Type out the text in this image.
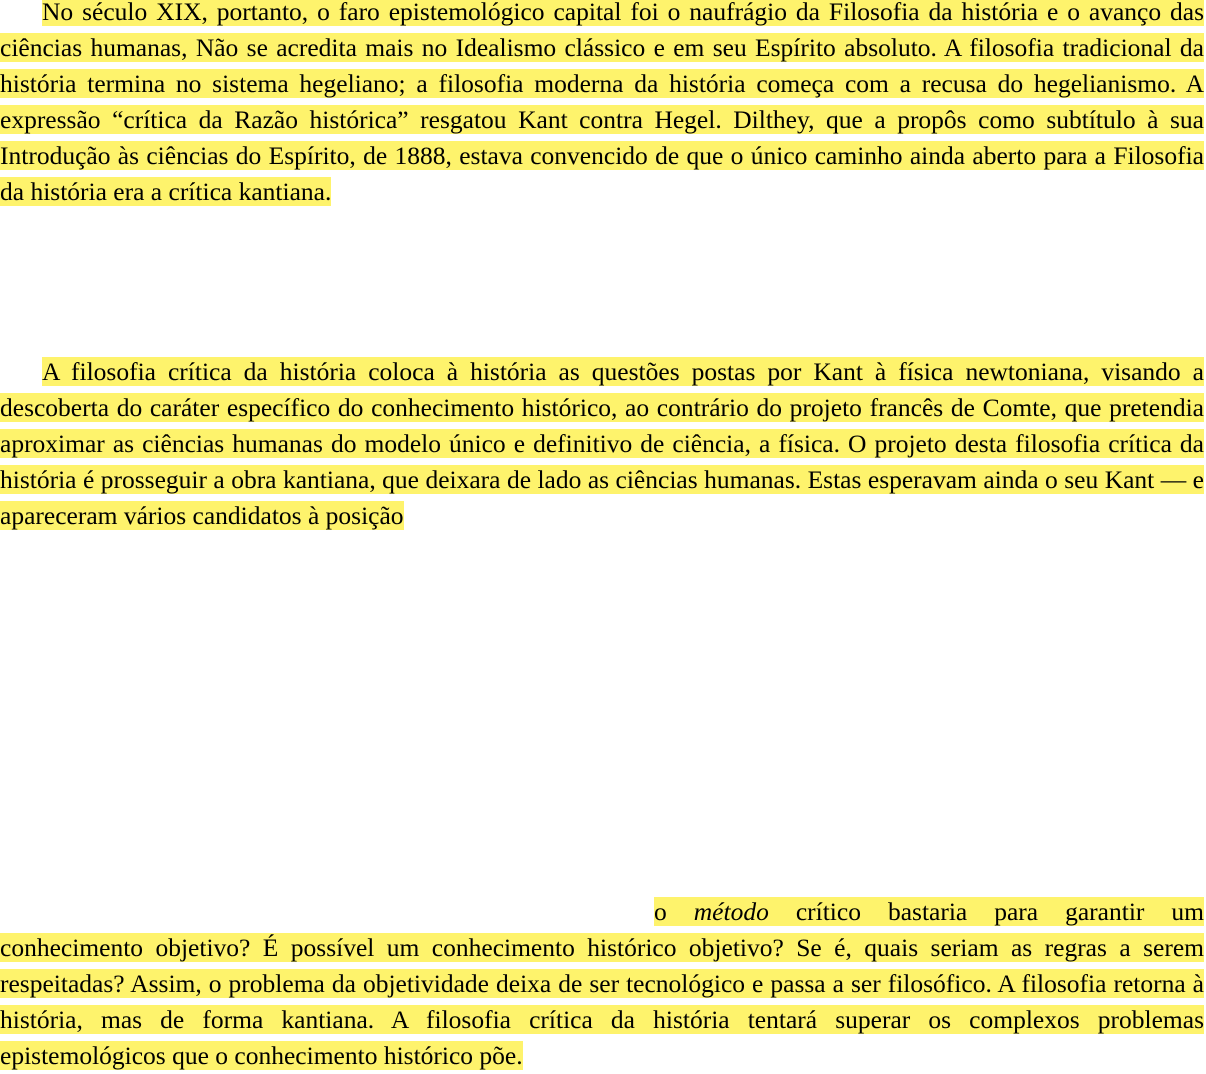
No século XIX, portanto, o faro epistemológico capital foi o naufrágio da Filosofia da história e o avanço das ciências humanas, Não se acredita mais no Idealismo clássico e em seu Espírito absoluto. A filosofia tradicional da história termina no sistema hegeliano; a filosofia moderna da história começa com a recusa do hegelianismo. A expressão “crítica da Razão histórica” resgatou Kant contra Hegel. Dilthey, que a propôs como subtítulo à sua Introdução às ciências do Espírito, de 1888, estava convencido de que o único caminho ainda aberto para a Filosofia da história era a crítica kantiana.

A filosofia crítica da história coloca à história as questões postas por Kant à física newtoniana, visando a descoberta do caráter específico do conhecimento histórico, ao contrário do projeto francês de Comte, que pretendia aproximar as ciências humanas do modelo único e definitivo de ciência, a física. O projeto desta filosofia crítica da história é prosseguir a obra kantiana, que deixara de lado as ciências humanas. Estas esperavam ainda o seu Kant — e apareceram vários candidatos à posição

o método crítico bastaria para garantir um conhecimento objetivo? É possível um conhecimento histórico objetivo? Se é, quais seriam as regras a serem respeitadas? Assim, o problema da objetividade deixa de ser tecnológico e passa a ser filosófico. A filosofia retorna à história, mas de forma kantiana. A filosofia crítica da história tentará superar os complexos problemas epistemológicos que o conhecimento histórico põe.
